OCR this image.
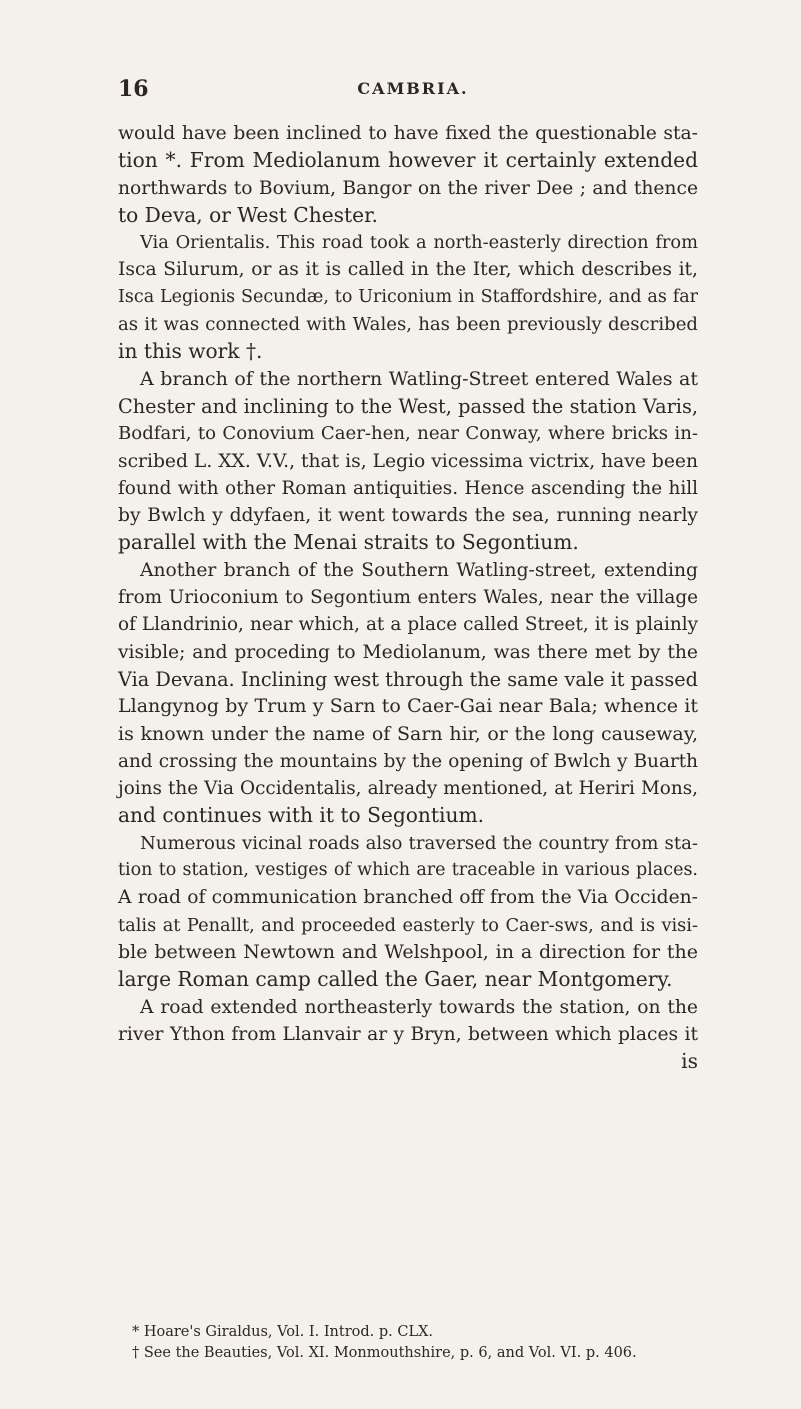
16	CAMBRIA.
would have been inclined to have fixed the questionable sta-
tion *. From Mediolanum however it certainly extended
northwards to Bovium, Bangor on the river Dee ; and thence
to Deva, or West Chester.
Via Orientalis. This road took a north-easterly direction from
Isca Silurum, or as it is called in the Iter, which describes it,
Isca Legionis Secundæ, to Uriconium in Staffordshire, and as far
as it was connected with Wales, has been previously described
in this work †.
A branch of the northern Watling-Street entered Wales at
Chester and inclining to the West, passed the station Varis,
Bodfari, to Conovium Caer-hen, near Conway, where bricks in-
scribed L. XX. V.V., that is, Legio vicessima victrix, have been
found with other Roman antiquities. Hence ascending the hill
by Bwlch y ddyfaen, it went towards the sea, running nearly
parallel with the Menai straits to Segontium.
Another branch of the Southern Watling-street, extending
from Urioconium to Segontium enters Wales, near the village
of Llandrinio, near which, at a place called Street, it is plainly
visible; and proceding to Mediolanum, was there met by the
Via Devana. Inclining west through the same vale it passed
Llangynog by Trum y Sarn to Caer-Gai near Bala; whence it
is known under the name of Sarn hir, or the long causeway,
and crossing the mountains by the opening of Bwlch y Buarth
joins the Via Occidentalis, already mentioned, at Heriri Mons,
and continues with it to Segontium.
Numerous vicinal roads also traversed the country from sta-
tion to station, vestiges of which are traceable in various places.
A road of communication branched off from the Via Occiden-
talis at Penallt, and proceeded easterly to Caer-sws, and is visi-
ble between Newtown and Welshpool, in a direction for the
large Roman camp called the Gaer, near Montgomery.
A road extended northeasterly towards the station, on the
river Ython from Llanvair ar y Bryn, between which places it
is
* Hoare's Giraldus, Vol. I. Introd. p. CLX.
† See the Beauties, Vol. XI. Monmouthshire, p. 6, and Vol. VI. p. 406.
